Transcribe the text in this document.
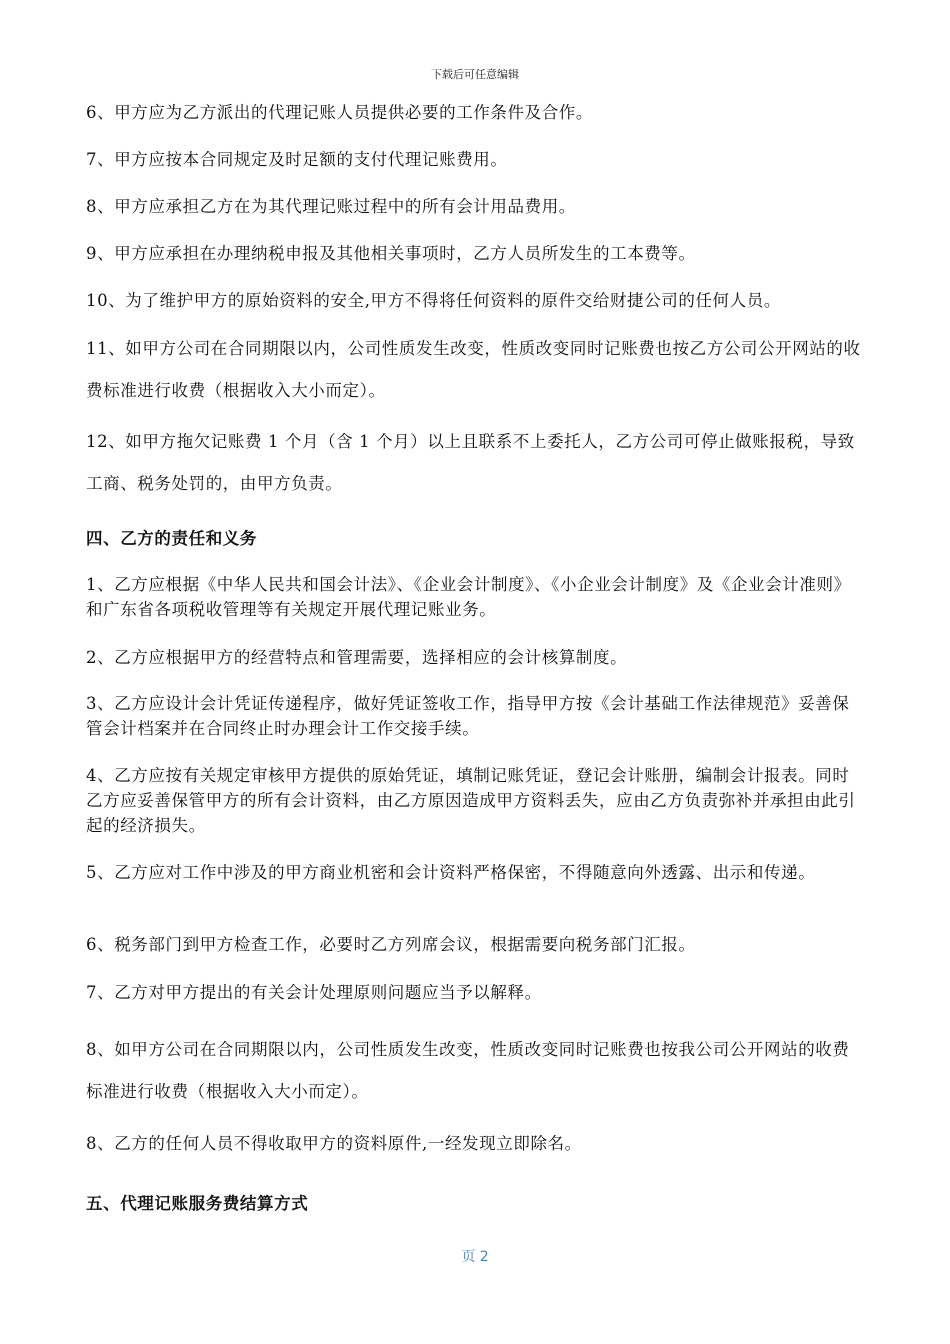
下载后可任意编辑

6、甲方应为乙方派出的代理记账人员提供必要的工作条件及合作。

7、甲方应按本合同规定及时足额的支付代理记账费用。

8、甲方应承担乙方在为其代理记账过程中的所有会计用品费用。

9、甲方应承担在办理纳税申报及其他相关事项时，乙方人员所发生的工本费等。

10、为了维护甲方的原始资料的安全,甲方不得将任何资料的原件交给财捷公司的任何人员。

11、如甲方公司在合同期限以内，公司性质发生改变，性质改变同时记账费也按乙方公司公开网站的收费标准进行收费（根据收入大小而定）。

12、如甲方拖欠记账费 1 个月（含 1 个月）以上且联系不上委托人，乙方公司可停止做账报税，导致工商、税务处罚的，由甲方负责。

四、乙方的责任和义务

1、乙方应根据《中华人民共和国会计法》、《企业会计制度》、《小企业会计制度》及《企业会计准则》和广东省各项税收管理等有关规定开展代理记账业务。

2、乙方应根据甲方的经营特点和管理需要，选择相应的会计核算制度。

3、乙方应设计会计凭证传递程序，做好凭证签收工作，指导甲方按《会计基础工作法律规范》妥善保管会计档案并在合同终止时办理会计工作交接手续。

4、乙方应按有关规定审核甲方提供的原始凭证，填制记账凭证，登记会计账册，编制会计报表。同时乙方应妥善保管甲方的所有会计资料，由乙方原因造成甲方资料丢失，应由乙方负责弥补并承担由此引起的经济损失。

5、乙方应对工作中涉及的甲方商业机密和会计资料严格保密，不得随意向外透露、出示和传递。

6、税务部门到甲方检查工作，必要时乙方列席会议，根据需要向税务部门汇报。

7、乙方对甲方提出的有关会计处理原则问题应当予以解释。

8、如甲方公司在合同期限以内，公司性质发生改变，性质改变同时记账费也按我公司公开网站的收费标准进行收费（根据收入大小而定）。

8、乙方的任何人员不得收取甲方的资料原件,一经发现立即除名。

五、代理记账服务费结算方式

页 2
